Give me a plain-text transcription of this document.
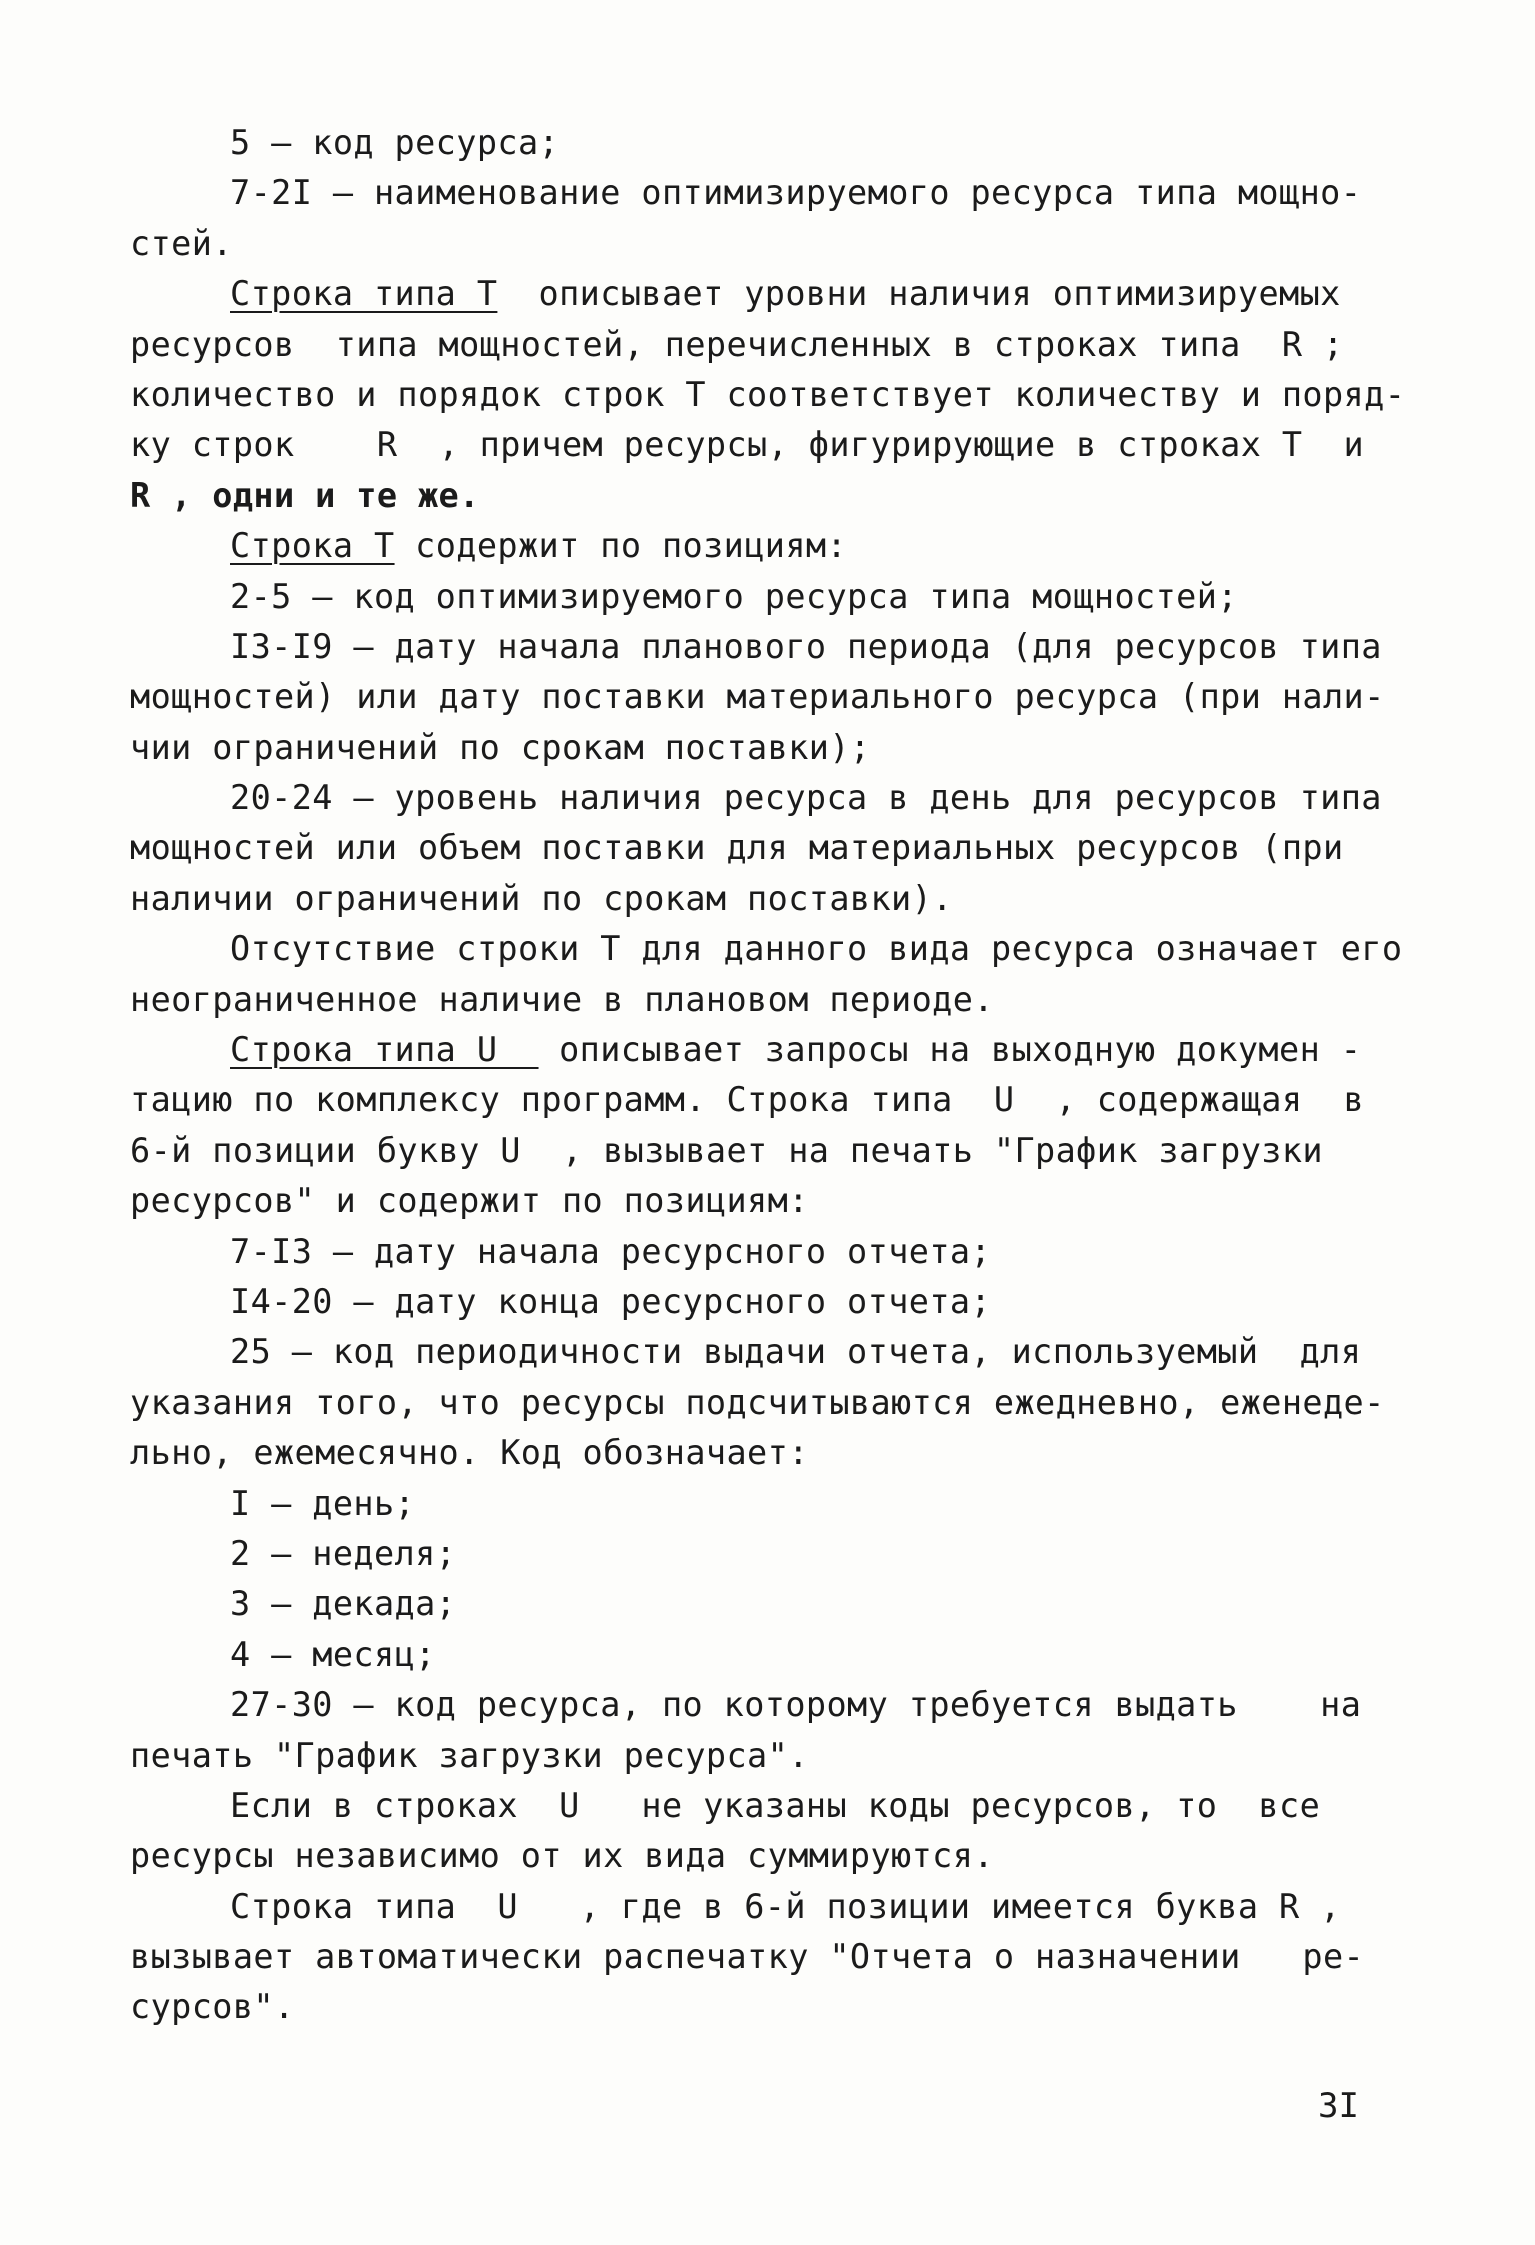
5 – код ресурса;
7-2I – наименование оптимизируемого ресурса типа мощно-
стей.
Строка типа Т  описывает уровни наличия оптимизируемых
ресурсов  типа мощностей, перечисленных в строках типа  R ;
количество и порядок строк Т соответствует количеству и поряд-
ку строк    R  , причем ресурсы, фигурирующие в строках Т  и
R , одни и те же.
Строка Т содержит по позициям:
2-5 – код оптимизируемого ресурса типа мощностей;
I3-I9 – дату начала планового периода (для ресурсов типа
мощностей) или дату поставки материального ресурса (при нали-
чии ограничений по срокам поставки);
20-24 – уровень наличия ресурса в день для ресурсов типа
мощностей или объем поставки для материальных ресурсов (при
наличии ограничений по срокам поставки).
Отсутствие строки Т для данного вида ресурса означает его
неограниченное наличие в плановом периоде.
Строка типа U   описывает запросы на выходную докумен -
тацию по комплексу программ. Строка типа  U  , содержащая  в
6-й позиции букву U  , вызывает на печать "График загрузки
ресурсов" и содержит по позициям:
7-I3 – дату начала ресурсного отчета;
I4-20 – дату конца ресурсного отчета;
25 – код периодичности выдачи отчета, используемый  для
указания того, что ресурсы подсчитываются ежедневно, еженеде-
льно, ежемесячно. Код обозначает:
I – день;
2 – неделя;
3 – декада;
4 – месяц;
27-30 – код ресурса, по которому требуется выдать    на
печать "График загрузки ресурса".
Если в строках  U   не указаны коды ресурсов, то  все
ресурсы независимо от их вида суммируются.
Строка типа  U   , где в 6-й позиции имеется буква R ,
вызывает автоматически распечатку "Отчета о назначении   ре-
сурсов".
3I
